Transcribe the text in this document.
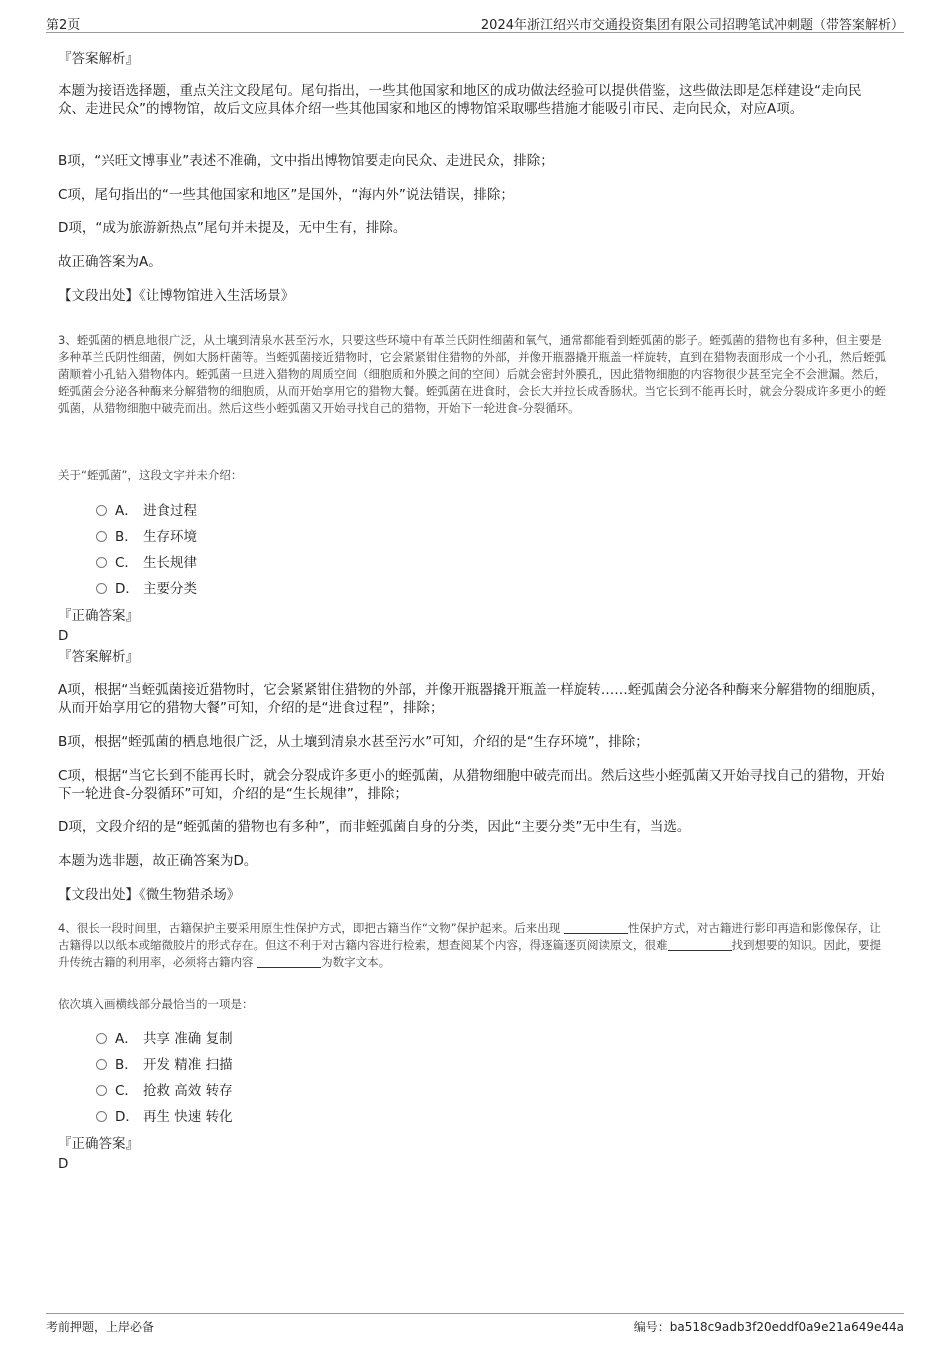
第2页	2024年浙江绍兴市交通投资集团有限公司招聘笔试冲刺题（带答案解析）

『答案解析』

本题为接语选择题，重点关注文段尾句。尾句指出，一些其他国家和地区的成功做法经验可以提供借鉴，这些做法即是怎样建设“走向民众、走进民众”的博物馆，故后文应具体介绍一些其他国家和地区的博物馆采取哪些措施才能吸引市民、走向民众，对应A项。

B项，“兴旺文博事业”表述不准确，文中指出博物馆要走向民众、走进民众，排除；

C项，尾句指出的“一些其他国家和地区”是国外，“海内外”说法错误，排除；

D项，“成为旅游新热点”尾句并未提及，无中生有，排除。

故正确答案为A。

【文段出处】《让博物馆进入生活场景》

3、蛭弧菌的栖息地很广泛，从土壤到清泉水甚至污水，只要这些环境中有革兰氏阴性细菌和氧气，通常都能看到蛭弧菌的影子。蛭弧菌的猎物也有多种，但主要是多种革兰氏阴性细菌，例如大肠杆菌等。当蛭弧菌接近猎物时，它会紧紧钳住猎物的外部，并像开瓶器撬开瓶盖一样旋转，直到在猎物表面形成一个小孔，然后蛭弧菌顺着小孔钻入猎物体内。蛭弧菌一旦进入猎物的周质空间（细胞质和外膜之间的空间）后就会密封外膜孔，因此猎物细胞的内容物很少甚至完全不会泄漏。然后，蛭弧菌会分泌各种酶来分解猎物的细胞质，从而开始享用它的猎物大餐。蛭弧菌在进食时，会长大并拉长成香肠状。当它长到不能再长时，就会分裂成许多更小的蛭弧菌，从猎物细胞中破壳而出。然后这些小蛭弧菌又开始寻找自己的猎物，开始下一轮进食-分裂循环。

关于“蛭弧菌”，这段文字并未介绍：

A． 进食过程
B． 生存环境
C． 生长规律
D． 主要分类

『正确答案』

D

『答案解析』

A项，根据“当蛭弧菌接近猎物时，它会紧紧钳住猎物的外部，并像开瓶器撬开瓶盖一样旋转……蛭弧菌会分泌各种酶来分解猎物的细胞质，从而开始享用它的猎物大餐”可知，介绍的是“进食过程”，排除；

B项，根据“蛭弧菌的栖息地很广泛，从土壤到清泉水甚至污水”可知，介绍的是“生存环境”，排除；

C项，根据“当它长到不能再长时，就会分裂成许多更小的蛭弧菌，从猎物细胞中破壳而出。然后这些小蛭弧菌又开始寻找自己的猎物，开始下一轮进食-分裂循环”可知，介绍的是“生长规律”，排除；

D项，文段介绍的是“蛭弧菌的猎物也有多种”，而非蛭弧菌自身的分类，因此“主要分类”无中生有，当选。

本题为选非题，故正确答案为D。

【文段出处】《微生物猎杀场》

4、很长一段时间里，古籍保护主要采用原生性保护方式，即把古籍当作“文物”保护起来。后来出现	性保护方式，对古籍进行影印再造和影像保存，让古籍得以以纸本或缩微胶片的形式存在。但这不利于对古籍内容进行检索，想查阅某个内容，得逐篇逐页阅读原文，很难	找到想要的知识。因此，要提升传统古籍的利用率，必须将古籍内容	为数字文本。

依次填入画横线部分最恰当的一项是：

A． 共享 准确 复制
B． 开发 精准 扫描
C． 抢救 高效 转存
D． 再生 快速 转化

『正确答案』

D

考前押题，上岸必备	编号：ba518c9adb3f20eddf0a9e21a649e44a
